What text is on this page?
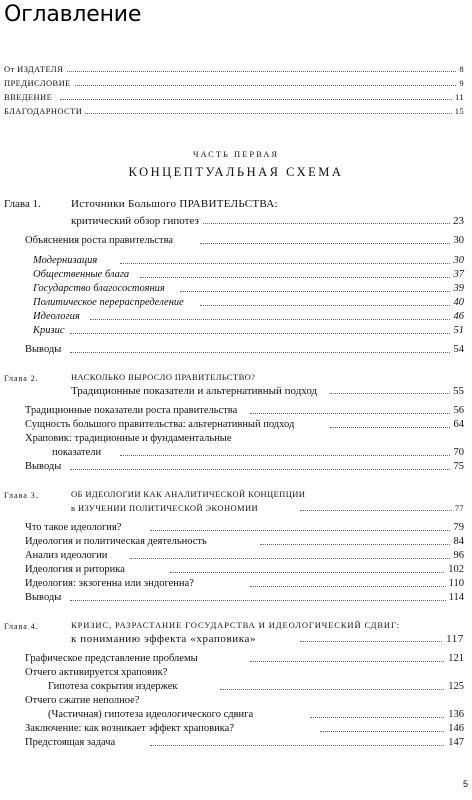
Оглавление
От ИЗДАТЕЛЯ	8
ПРЕДИСЛОВИЕ	9
ВВЕДЕНИЕ	11
БЛАГОДАРНОСТИ	15
ЧАСТЬ ПЕРВАЯ
КОНЦЕПТУАЛЬНАЯ СХЕМА
Глава 1.	Источники Большого ПРАВИТЕЛЬСТВА:
критический обзор гипотез	23
Объяснения роста правительства	30
Модернизация	30
Общественные блага	37
Государство благосостояния	39
Политическое перераспределение	40
Идеология	46
Кризис	51
Выводы	54
Глава 2.	НАСКОЛЬКО ВЫРОСЛО ПРАВИТЕЛЬСТВО?
Традиционные показатели и альтернативный подход	55
Традиционные показатели роста правительства	56
Сущность большого правительства: альтернативный подход	64
Храповик: традиционные и фундаментальные
показатели	70
Выводы	75
Глава 3.	ОБ ИДЕОЛОГИИ КАК АНАЛИТИЧЕСКОЙ КОНЦЕПЦИИ
в ИЗУЧЕНИИ ПОЛИТИЧЕСКОЙ ЭКОНОМИИ	77
Что такое идеология?	79
Идеология и политическая деятельность	84
Анализ идеологии	96
Идеология и риторика	102
Идеология: экзогенна или эндогенна?	110
Выводы	114
Глава 4.	КРИЗИС, РАЗРАСТАНИЕ ГОСУДАРСТВА И ИДЕОЛОГИЧЕСКИЙ СДВИГ:
к пониманию эффекта «храповика»	117
Графическое представление проблемы	121
Отчего активируется храповик?
Гипотеза сокрытия издержек	125
Отчего сжатие неполное?
(Частичная) гипотеза идеологического сдвига	136
Заключение: как возникает эффект храповика?	146
Предстоящая задача	147
5
